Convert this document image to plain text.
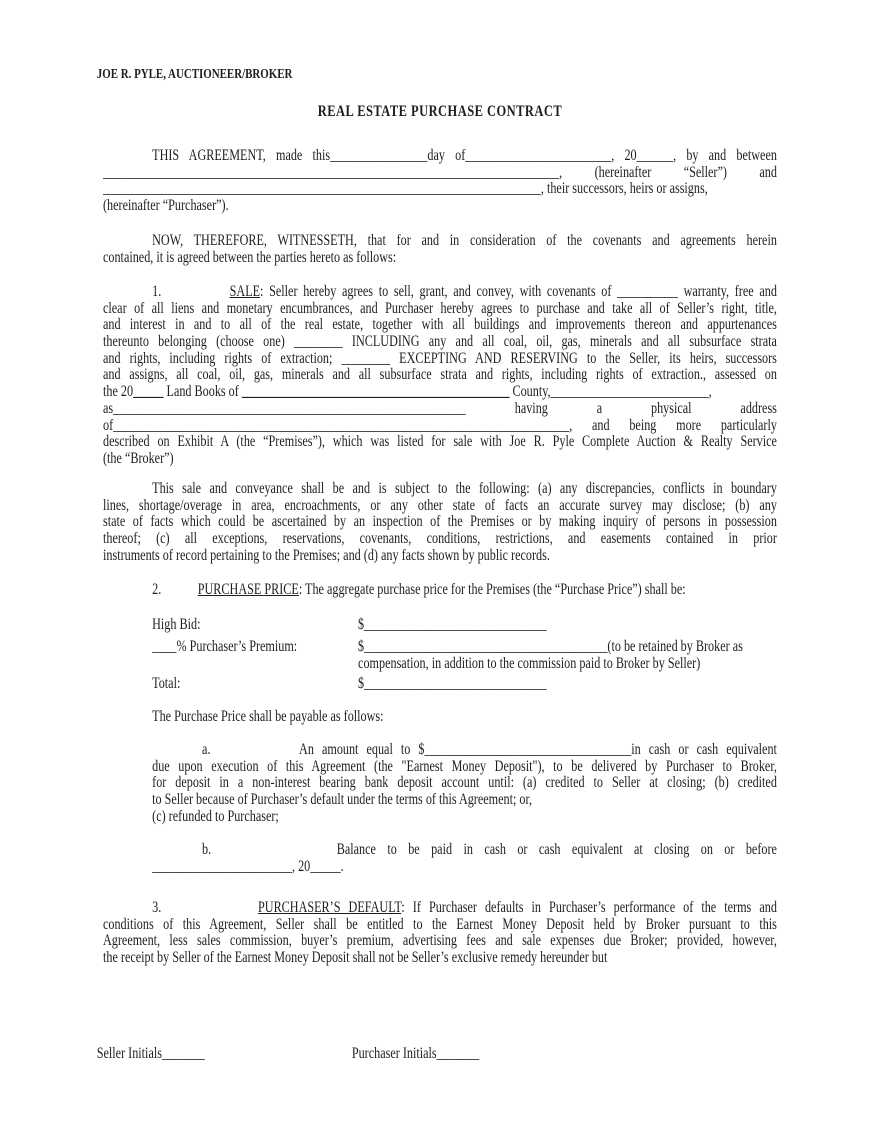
JOE R. PYLE, AUCTIONEER/BROKER
REAL ESTATE PURCHASE CONTRACT
THIS AGREEMENT, made this________________day of________________________, 20______, by and between
___________________________________________________________________________, (hereinafter “Seller”) and
________________________________________________________________________, their successors, heirs or assigns,
(hereinafter “Purchaser”).
NOW, THEREFORE, WITNESSETH, that for and in consideration of the covenants and agreements herein
contained, it is agreed between the parties hereto as follows:
1.            SALE: Seller hereby agrees to sell, grant, and convey, with covenants of __________ warranty, free and
clear of all liens and monetary encumbrances, and Purchaser hereby agrees to purchase and take all of Seller’s right, title,
and interest in and to all of the real estate, together with all buildings and improvements thereon and appurtenances
thereunto belonging (choose one) ________ INCLUDING any and all coal, oil, gas, minerals and all subsurface strata
and rights, including rights of extraction; ________ EXCEPTING AND RESERVING to the Seller, its heirs, successors
and assigns, all coal, oil, gas, minerals and all subsurface strata and rights, including rights of extraction., assessed on
the 20_____ Land Books of ____________________________________________ County,__________________________,
as__________________________________________________________ having a physical address
of___________________________________________________________________________, and being more particularly
described on Exhibit A (the “Premises”), which was listed for sale with Joe R. Pyle Complete Auction & Realty Service
(the “Broker”)
This sale and conveyance shall be and is subject to the following: (a) any discrepancies, conflicts in boundary
lines, shortage/overage in area, encroachments, or any other state of facts an accurate survey may disclose; (b) any
state of facts which could be ascertained by an inspection of the Premises or by making inquiry of persons in possession
thereof; (c) all exceptions, reservations, covenants, conditions, restrictions, and easements contained in prior
instruments of record pertaining to the Premises; and (d) any facts shown by public records.
2.            PURCHASE PRICE: The aggregate purchase price for the Premises (the “Purchase Price”) shall be:
High Bid:	$______________________________
____% Purchaser’s Premium:	$________________________________________(to be retained by Broker as
compensation, in addition to the commission paid to Broker by Seller)
Total:	$______________________________
The Purchase Price shall be payable as follows:
a.           An amount equal to $__________________________________in cash or cash equivalent
due upon execution of this Agreement (the "Earnest Money Deposit"), to be delivered by Purchaser to Broker,
for deposit in a non-interest bearing bank deposit account until: (a) credited to Seller at closing; (b) credited
to Seller because of Purchaser’s default under the terms of this Agreement; or,
(c) refunded to Purchaser;
b.           Balance to be paid in cash or cash equivalent at closing on or before
_______________________, 20_____.
3.            PURCHASER’S DEFAULT: If Purchaser defaults in Purchaser’s performance of the terms and
conditions of this Agreement, Seller shall be entitled to the Earnest Money Deposit held by Broker pursuant to this
Agreement, less sales commission, buyer’s premium, advertising fees and sale expenses due Broker; provided, however,
the receipt by Seller of the Earnest Money Deposit shall not be Seller’s exclusive remedy hereunder but
Seller Initials_______	Purchaser Initials_______
